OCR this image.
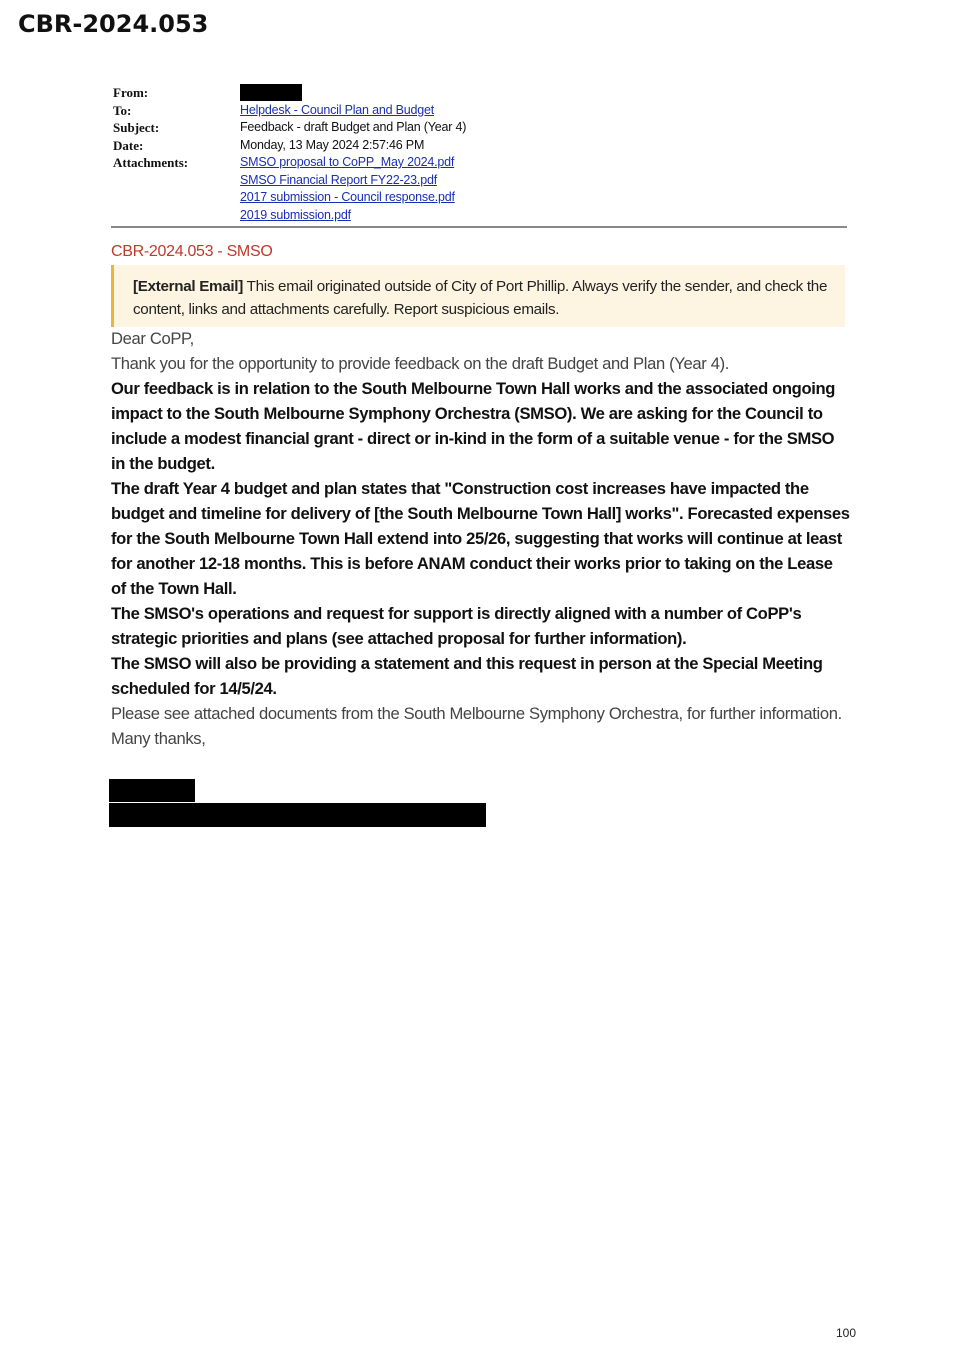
CBR-2024.053
From:
To:	Helpdesk - Council Plan and Budget
Subject:	Feedback - draft Budget and Plan (Year 4)
Date:	Monday, 13 May 2024 2:57:46 PM
Attachments:	SMSO proposal to CoPP_May 2024.pdf
SMSO Financial Report FY22-23.pdf
2017 submission - Council response.pdf
2019 submission.pdf
CBR-2024.053 - SMSO
[External Email] This email originated outside of City of Port Phillip. Always verify the sender, and check the content, links and attachments carefully. Report suspicious emails.

Dear CoPP,

Thank you for the opportunity to provide feedback on the draft Budget and Plan (Year 4).

Our feedback is in relation to the South Melbourne Town Hall works and the associated ongoing impact to the South Melbourne Symphony Orchestra (SMSO). We are asking for the Council to include a modest financial grant - direct or in-kind in the form of a suitable venue - for the SMSO in the budget.

The draft Year 4 budget and plan states that "Construction cost increases have impacted the budget and timeline for delivery of [the South Melbourne Town Hall] works". Forecasted expenses for the South Melbourne Town Hall extend into 25/26, suggesting that works will continue at least for another 12-18 months. This is before ANAM conduct their works prior to taking on the Lease of the Town Hall.

The SMSO's operations and request for support is directly aligned with a number of CoPP's strategic priorities and plans (see attached proposal for further information).

The SMSO will also be providing a statement and this request in person at the Special Meeting scheduled for 14/5/24.

Please see attached documents from the South Melbourne Symphony Orchestra, for further information.

Many thanks,

100
